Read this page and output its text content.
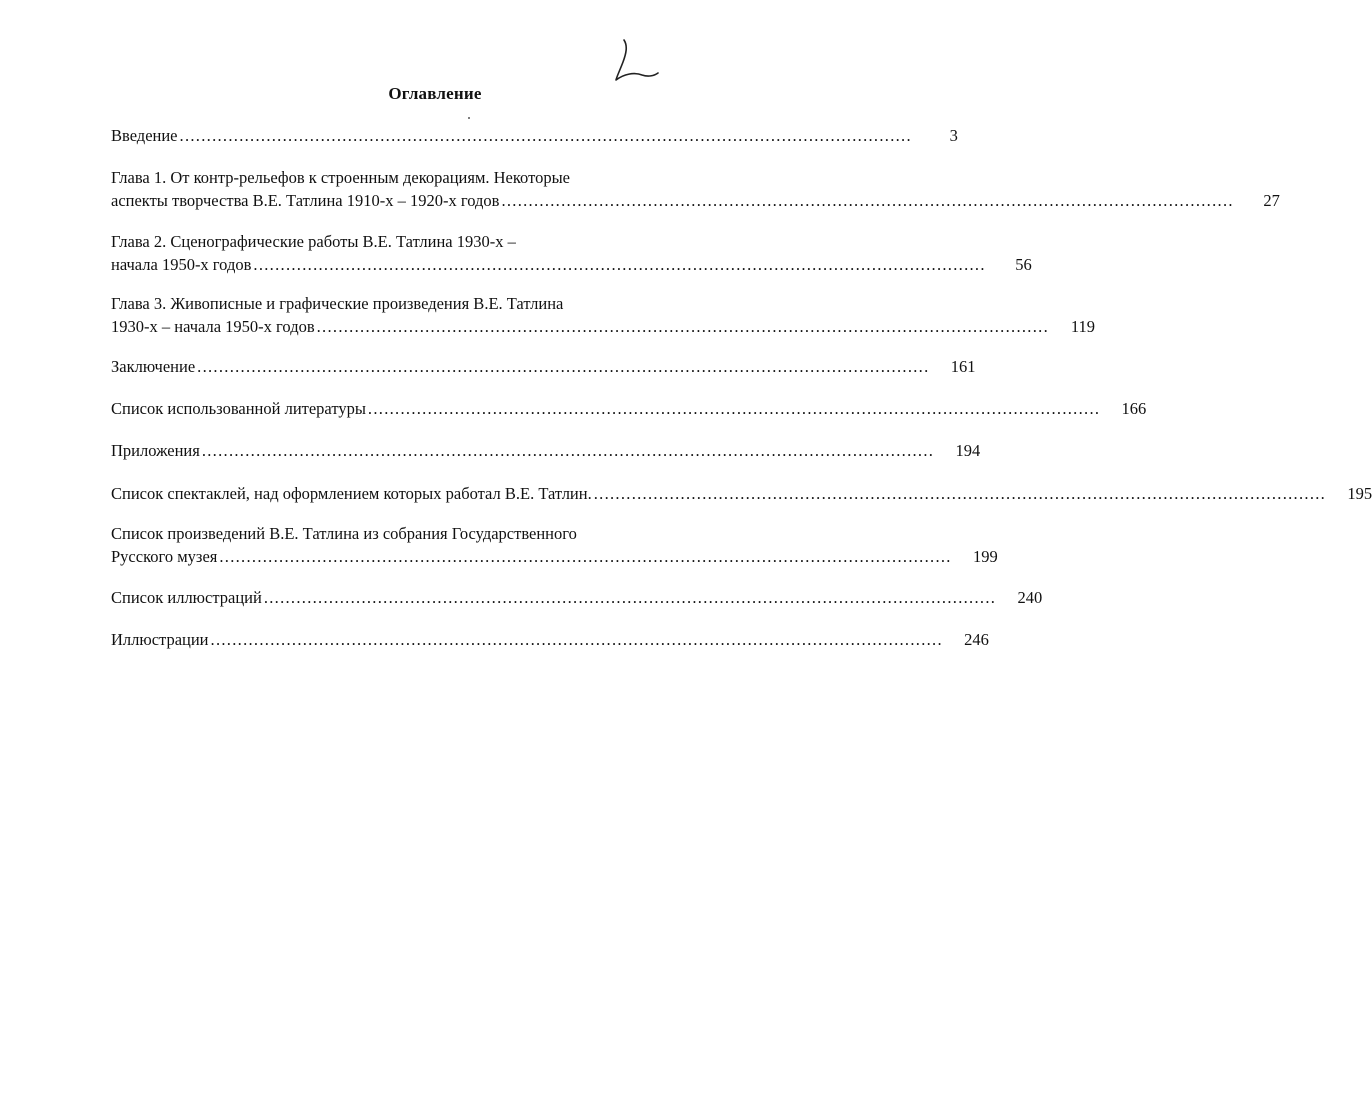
Оглавление
Введение .......................................................................................................................................	3
Глава 1. От контр-рельефов к строенным декорациям. Некоторые
аспекты творчества В.Е. Татлина 1910-х – 1920-х годов .......................................................................................................................................	27
Глава 2. Сценографические работы В.Е. Татлина 1930-х –
начала 1950-х годов .......................................................................................................................................	56
Глава 3. Живописные и графические произведения В.Е. Татлина
1930-х – начала 1950-х годов .......................................................................................................................................	119
Заключение .......................................................................................................................................	161
Список использованной литературы .......................................................................................................................................	166
Приложения .......................................................................................................................................	194
Список спектаклей, над оформлением которых работал В.Е. Татлин. .......................................................................................................................................	195
Список произведений В.Е. Татлина из собрания Государственного
Русского музея .......................................................................................................................................	199
Список иллюстраций .......................................................................................................................................	240
Иллюстрации .......................................................................................................................................	246
